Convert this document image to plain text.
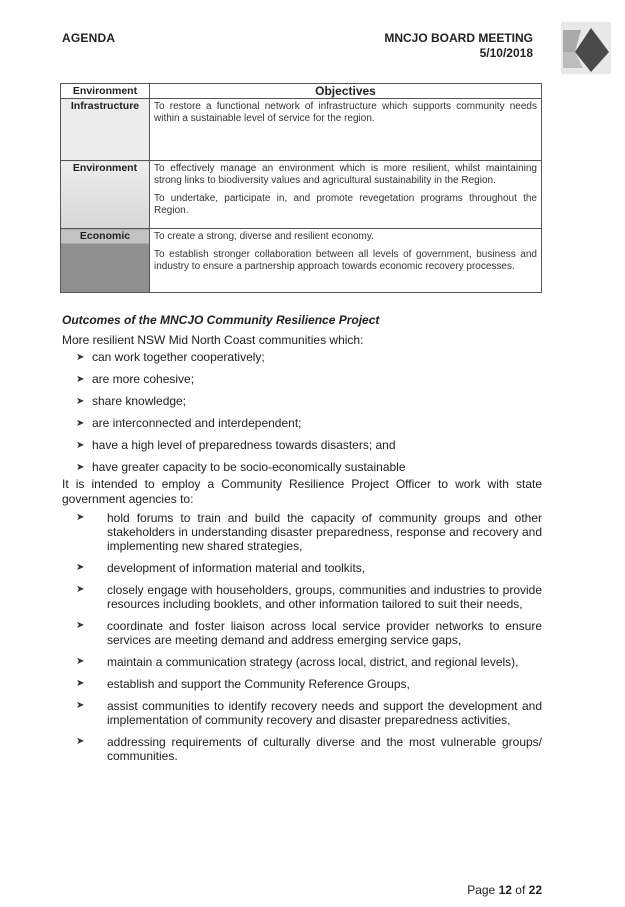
AGENDA	MNCJO BOARD MEETING
5/10/2018
Environment	Objectives
Infrastructure	To restore a functional network of infrastructure which supports community needs within a sustainable level of service for the region.

Environment	To effectively manage an environment which is more resilient, whilst maintaining strong links to biodiversity values and agricultural sustainability in the Region.

To undertake, participate in, and promote revegetation programs throughout the Region.

Economic	To create a strong, diverse and resilient economy.

To establish stronger collaboration between all levels of government, business and industry to ensure a partnership approach towards economic recovery processes.

Outcomes of the MNCJO Community Resilience Project
More resilient NSW Mid North Coast communities which:
➤ can work together cooperatively;
➤ are more cohesive;
➤ share knowledge;
➤ are interconnected and interdependent;
➤ have a high level of preparedness towards disasters; and
➤ have greater capacity to be socio-economically sustainable
It is intended to employ a Community Resilience Project Officer to work with state government agencies to:
➤	hold forums to train and build the capacity of community groups and other stakeholders in understanding disaster preparedness, response and recovery and implementing new shared strategies,
➤	development of information material and toolkits,
➤	closely engage with householders, groups, communities and industries to provide resources including booklets, and other information tailored to suit their needs,
➤	coordinate and foster liaison across local service provider networks to ensure services are meeting demand and address emerging service gaps,
➤	maintain a communication strategy (across local, district, and regional levels),
➤	establish and support the Community Reference Groups,
➤	assist communities to identify recovery needs and support the development and implementation of community recovery and disaster preparedness activities,
➤	addressing requirements of culturally diverse and the most vulnerable groups/ communities.
Page 12 of 22
